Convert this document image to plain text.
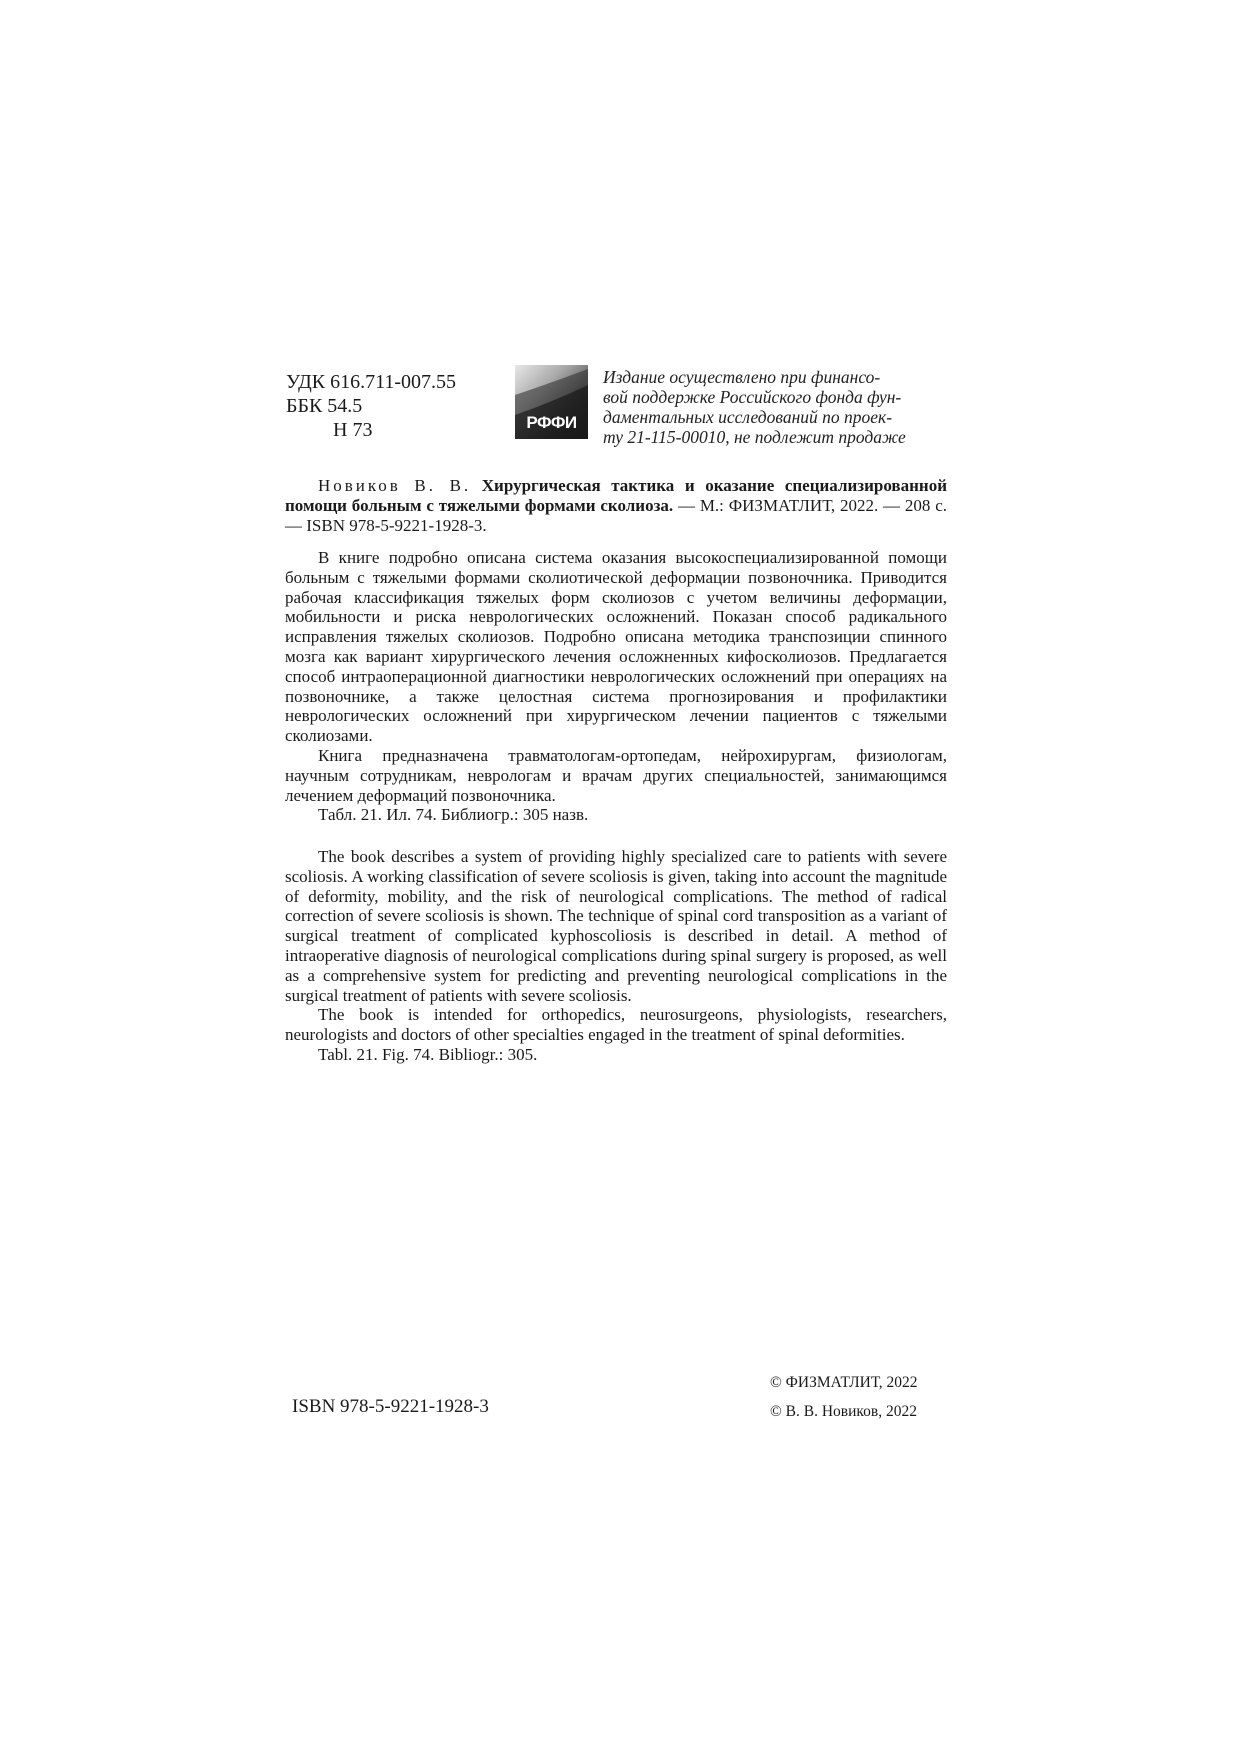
УДК 616.711-007.55
ББК 54.5
Н 73	РФФИ
Издание осуществлено при финансо-
вой поддержке Российского фонда фун-
даментальных исследований по проек-
ту 21-115-00010, не подлежит продаже

Новиков В. В. Хирургическая тактика и оказание специализированной помощи больным с тяжелыми формами сколиоза. — М.: ФИЗМАТЛИТ, 2022. — 208 с. — ISBN 978-5-9221-1928-3.

В книге подробно описана система оказания высокоспециализированной помощи больным с тяжелыми формами сколиотической деформации позвоночника. Приводится рабочая классификация тяжелых форм сколиозов с учетом величины деформации, мобильности и риска неврологических осложнений. Показан способ радикального исправления тяжелых сколиозов. Подробно описана методика транспозиции спинного мозга как вариант хирургического лечения осложненных кифосколиозов. Предлагается способ интраоперационной диагностики неврологических осложнений при операциях на позвоночнике, а также целостная система прогнозирования и профилактики неврологических осложнений при хирургическом лечении пациентов с тяжелыми сколиозами.

Книга предназначена травматологам-ортопедам, нейрохирургам, физиологам, научным сотрудникам, неврологам и врачам других специальностей, занимающимся лечением деформаций позвоночника.

Табл. 21. Ил. 74. Библиогр.: 305 назв.

The book describes a system of providing highly specialized care to patients with severe scoliosis. A working classification of severe scoliosis is given, taking into account the magnitude of deformity, mobility, and the risk of neurological complications. The method of radical correction of severe scoliosis is shown. The technique of spinal cord transposition as a variant of surgical treatment of complicated kyphoscoliosis is described in detail. A method of intraoperative diagnosis of neurological complications during spinal surgery is proposed, as well as a comprehensive system for predicting and preventing neurological complications in the surgical treatment of patients with severe scoliosis.

The book is intended for orthopedics, neurosurgeons, physiologists, researchers, neurologists and doctors of other specialties engaged in the treatment of spinal deformities.

Tabl. 21. Fig. 74. Bibliogr.: 305.

ISBN 978-5-9221-1928-3
© ФИЗМАТЛИТ, 2022
© В. В. Новиков, 2022
